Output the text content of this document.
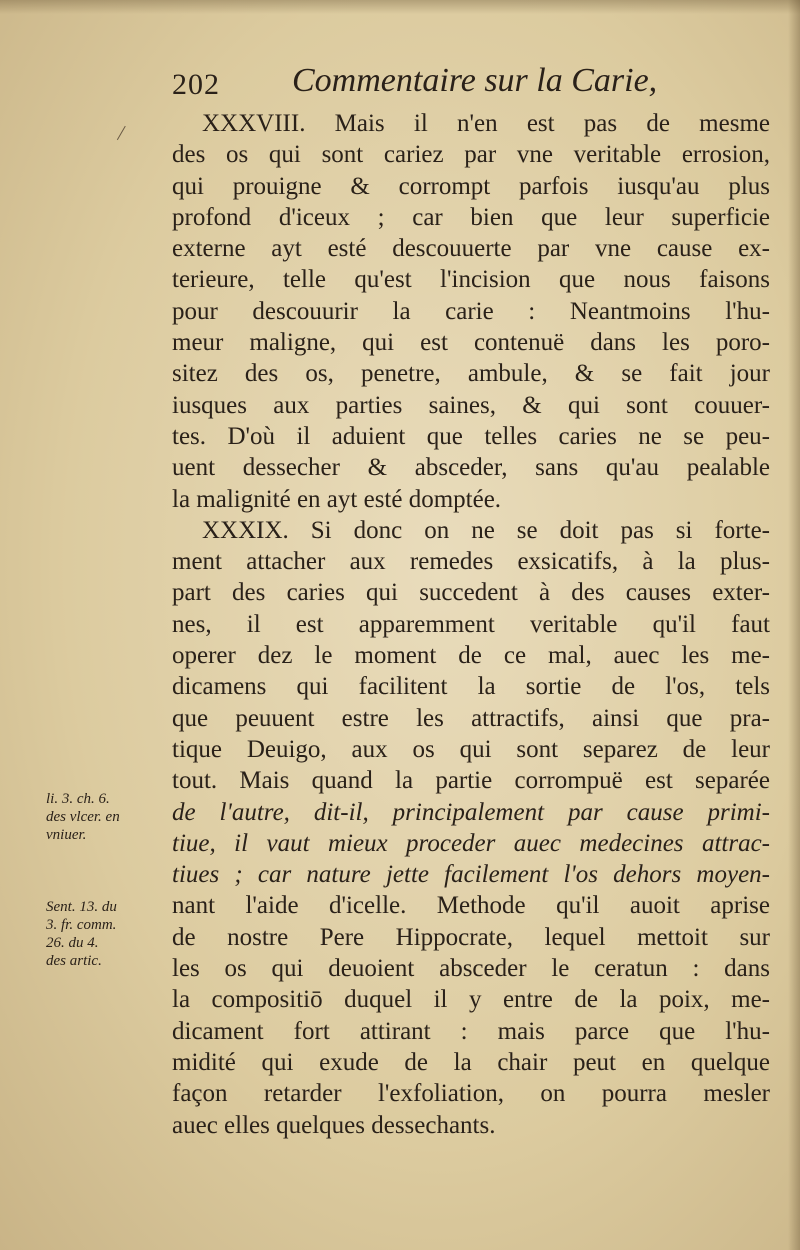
202 Commentaire sur la Carie,
XXXVIII. Mais il n'en est pas de mesme
des os qui sont cariez par vne veritable errosion,
qui prouigne & corrompt parfois iusqu'au plus
profond d'iceux ; car bien que leur superficie
externe ayt esté descouuerte par vne cause ex-
terieure, telle qu'est l'incision que nous faisons
pour descouurir la carie : Neantmoins l'hu-
meur maligne, qui est contenuë dans les poro-
sitez des os, penetre, ambule, & se fait jour
iusques aux parties saines, & qui sont couuer-
tes. D'où il aduient que telles caries ne se peu-
uent dessecher & absceder, sans qu'au pealable
la malignité en ayt esté domptée.
XXXIX. Si donc on ne se doit pas si forte-
ment attacher aux remedes exsicatifs, à la plus-
part des caries qui succedent à des causes exter-
nes, il est apparemment veritable qu'il faut
operer dez le moment de ce mal, auec les me-
dicamens qui facilitent la sortie de l'os, tels
que peuuent estre les attractifs, ainsi que pra-
tique Deuigo, aux os qui sont separez de leur
tout. Mais quand la partie corrompuë est separée
de l'autre, dit-il, principalement par cause primi-
tiue, il vaut mieux proceder auec medecines attrac-
tiues ; car nature jette facilement l'os dehors moyen-
nant l'aide d'icelle. Methode qu'il auoit aprise
de nostre Pere Hippocrate, lequel mettoit sur
les os qui deuoient absceder le ceratun : dans
la compositiō duquel il y entre de la poix, me-
dicament fort attirant : mais parce que l'hu-
midité qui exude de la chair peut en quelque
façon retarder l'exfoliation, on pourra mesler
auec elles quelques dessechants.
li. 3. ch. 6.
des vlcer. en
vniuer.
Sent. 13. du
3. fr. comm.
26. du 4.
des artic.
